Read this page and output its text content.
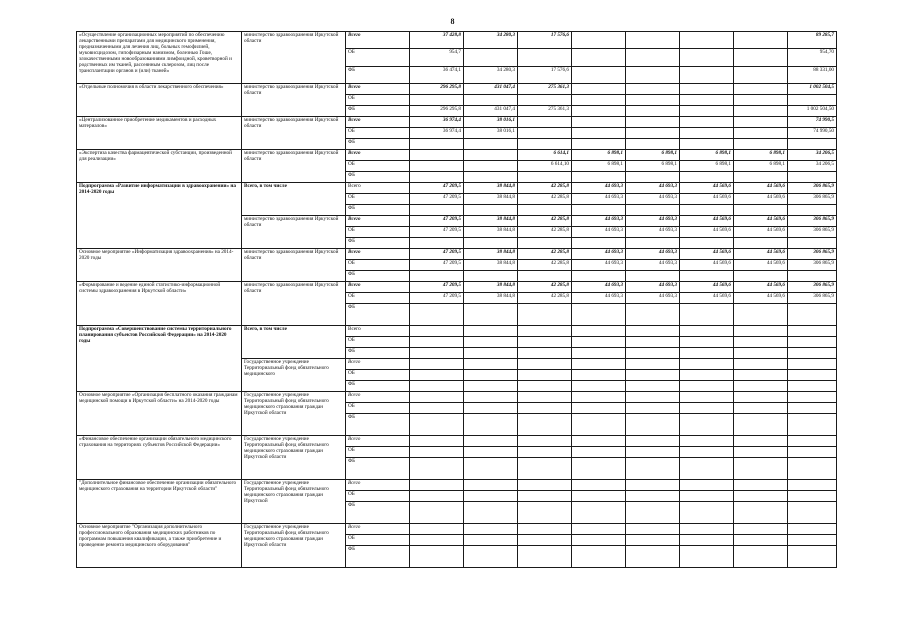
8
«Осуществление организационных мероприятий по обеспечению лекарственными препаратами для медицинского применения, предназначенными для лечения лиц, больных гемофилией, муковисцидозом, гипофизарным нанизмом, болезнью Гоше, злокачественными новообразованиями лимфоидной, кроветворной и родственных им тканей, рассеянным склерозом, лиц после трансплантации органов и (или) тканей»	министерство здравоохранения Иркутской области	Всего	37 428,8	34 280,3	17 576,6					89 285,7
		ОБ	954,7							954,70
		ФБ	36 474,1	34 280,3	17 576,6					88 331,00
«Отдельные полномочия в области лекарственного обеспечения»	министерство здравоохранения Иркутской области	Всего	296 295,8	431 047,4	275 361,3					1 002 504,5
		ОБ								
		ФБ	296 295,8	431 047,4	275 361,3					1 002 504,50
«Централизованное приобретение медикаментов и расходных материалов»	министерство здравоохранения Иркутской области	Всего	36 974,4	38 016,1						74 990,5
		ОБ	36 974,4	38 016,1						74 990,50
		ФБ								
«Экспертиза качества фармацевтической субстанции, произведенной для реализации»	министерство здравоохранения Иркутской области	Всего			6 614,1	6 898,1	6 898,1	6 898,1	6 898,1	34 206,5
		ОБ			6 614,10	6 898,1	6 898,1	6 898,1	6 898,1	34 206,5
		ФБ								
Подпрограмма «Развитие информатизации в здравоохранении» на 2014-2020 годы	Всего, в том числе	Всего	47 209,5	38 844,8	42 285,8	44 693,3	44 693,3	44 569,6	44 569,6	306 865,9
		ОБ	47 209,5	38 844,8	42 285,8	44 693,3	44 693,3	44 569,6	44 569,6	306 865,9
		ФБ								
	министерство здравоохранения Иркутской области	Всего	47 209,5	38 844,8	42 285,8	44 693,3	44 693,3	44 569,6	44 569,6	306 865,9
		ОБ	47 209,5	38 844,8	42 285,8	44 693,3	44 693,3	44 569,6	44 569,6	306 865,9
		ФБ								
Основное мероприятие «Информатизация здравоохранения» на 2014-2020 годы	министерство здравоохранения Иркутской области	Всего	47 209,5	38 844,8	42 285,8	44 693,3	44 693,3	44 569,6	44 569,6	306 865,9
		ОБ	47 209,5	38 844,8	42 285,8	44 693,3	44 693,3	44 569,6	44 569,6	306 865,9
		ФБ								
«Формирование и ведение единой статистико-информационной системы здравоохранения в Иркутской области»	министерство здравоохранения Иркутской области	Всего	47 209,5	38 844,8	42 285,8	44 693,3	44 693,3	44 569,6	44 569,6	306 865,9
		ОБ	47 209,5	38 844,8	42 285,8	44 693,3	44 693,3	44 569,6	44 569,6	306 865,9
		ФБ								
Подпрограмма «Совершенствование системы территориального планирования субъектов Российской Федерации» на 2014-2020 годы	Всего, в том числе	Всего								
		ОБ								
		ФБ								
	Государственное учреждение Территориальный фонд обязательного медицинского	Всего								
		ОБ								
		ФБ								
Основное мероприятие «Организация бесплатного оказания гражданам медицинской помощи в Иркутской области» на 2014-2020 годы	Государственное учреждение Территориальный фонд обязательного медицинского страхования граждан Иркутской области	Всего								
		ОБ								
		ФБ								
«Финансовое обеспечение организации обязательного медицинского страхования на территориях субъектов Российской Федерации»	Государственное учреждение Территориальный фонд обязательного медицинского страхования граждан Иркутской области	Всего								
		ОБ								
		ФБ								
"Дополнительное финансовое обеспечение организации обязательного медицинского страхования на территории Иркутской области"	Государственное учреждение Территориальный фонд обязательного медицинского страхования граждан Иркутской	Всего								
		ОБ								
		ФБ								
Основное мероприятие "Организация дополнительного профессионального образования медицинских работников по программам повышения квалификации, а также приобретение и проведение ремонта медицинского оборудования"	Государственное учреждение Территориальный фонд обязательного медицинского страхования граждан Иркутской области	Всего								
		ОБ								
		ФБ								
